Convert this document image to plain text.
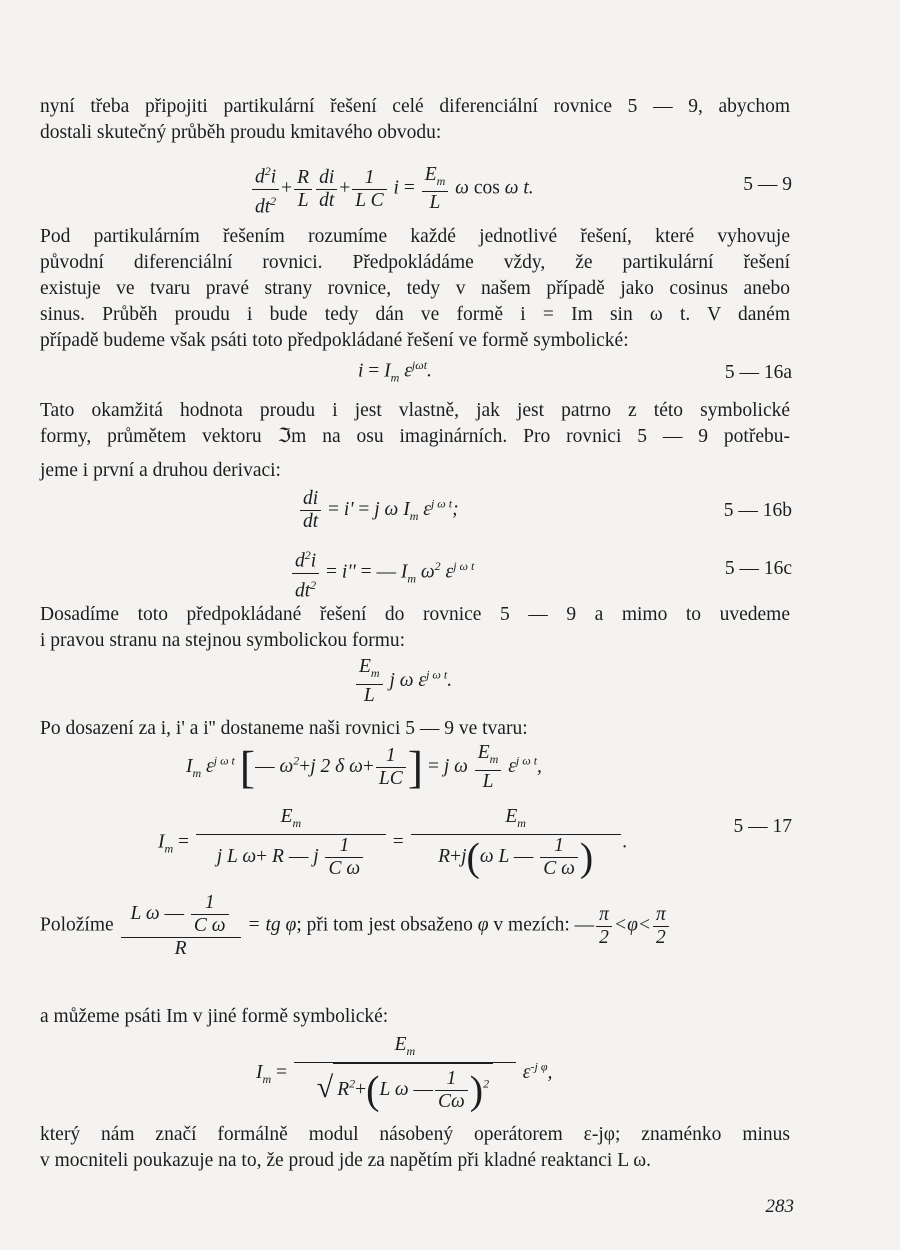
nyní třeba připojiti partikulární řešení celé diferenciální rovnice 5 — 9, abychom
dostali skutečný průběh proudu kmitavého obvodu:
$\frac{d^2i}{dt^2} + \frac{R}{L} \frac{di}{dt} + \frac{1}{\text{L C}}$ $i = \frac{E_m}{L}$ ω cos ω t.	5 — 9
Pod partikulárním řešením rozumíme každé jednotlivé řešení, které vyhovuje
původní diferenciální rovnici. Předpokládáme vždy, že partikulární řešení
existuje ve tvaru pravé strany rovnice, tedy v našem případě jako cosinus anebo
sinus. Průběh proudu i bude tedy dán ve formě i = Im sin ω t. V daném
případě budeme však psáti toto předpokládané řešení ve formě symbolické:
$i = I_m$ $\varepsilon^{j\omega t}$.	5 — 16a
Tato okamžitá hodnota proudu i jest vlastně, jak jest patrno z této symbolické
formy, průmětem vektoru ℑm na osu imaginárních. Pro rovnici 5 — 9 potřebu-
jeme i první a druhou derivaci:
$\frac{di}{dt} = i' = j$ ω $I_m$ $\varepsilon^{j \omega t}$;	5 — 16b
$\frac{d^2i}{dt^2} = i''$ = — $I_m$ $\omega^2$ $\varepsilon^{j \omega t}$	5 — 16c
Dosadíme toto předpokládané řešení do rovnice 5 — 9 a mimo to uvedeme
i pravou stranu na stejnou symbolickou formu:
$\frac{E_m}{L}$ j ω $\varepsilon^{j \omega t}$.
Po dosazení za i, i' a i'' dostaneme naši rovnici 5 — 9 ve tvaru:
$I_m$ $\varepsilon^{j \omega t}$ [— $\omega^2+j$ 2 δ $\omega+ \frac{1}{LC}$ ] = j ω $\frac{E_m}{L} \varepsilon^{j \omega t}$,
$I_m = \frac{E_m}{j L \omega+ R — j \frac{1}{\text{C ω}}} = \frac{E_m}{R+j(\omega L — \frac{1}{\text{C ω}} )}$ .
5 — 17
Položíme $\frac{L \omega — \frac{1}{\text{C ω}}}{R}$ = tg φ; při tom jest obsaženo φ v mezích: — $\frac{\pi}{2} <\varphi< \frac{\pi}{2}$
a můžeme psáti Im v jiné formě symbolické:
$I_m = \frac{E_m}{√ R^2+(L \omega — \frac{1}{C\omega} )^2} \varepsilon^{-j \varphi}$,
který nám značí formálně modul násobený operátorem ε-jφ; znaménko minus
v mocniteli poukazuje na to, že proud jde za napětím při kladné reaktanci L ω.
283
